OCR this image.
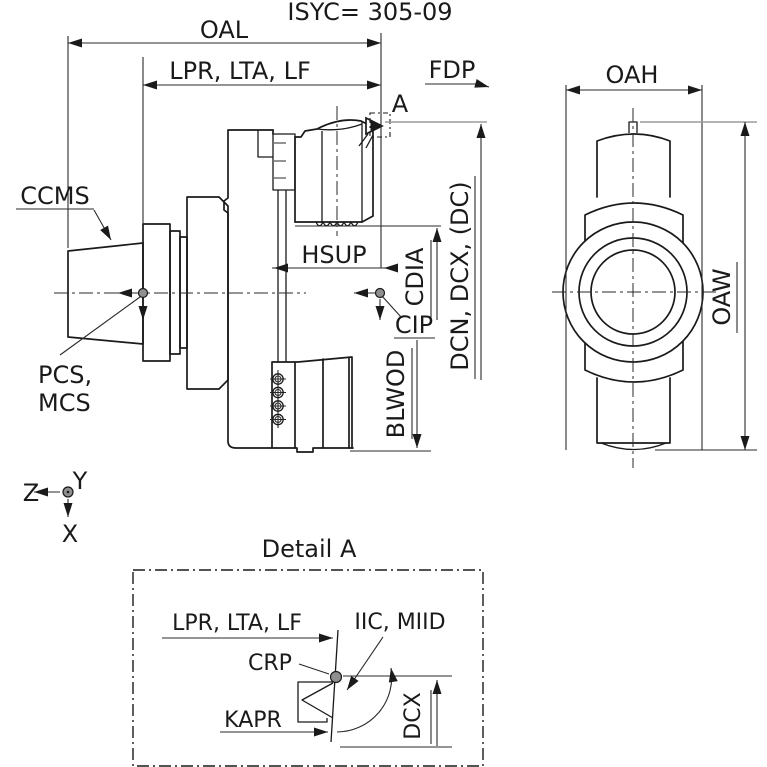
ISYC= 305-09
OAL
LPR, LTA, LF	FDP
A
CCMS
PCS,
MCS
HSUP
CIP
CDIA DCN, DCX, (DC)
BLWOD
OAH
OAW
Z Y
X
Detail A
LPR, LTA, LF IIC, MIID
CRP
KAPR	DCX
